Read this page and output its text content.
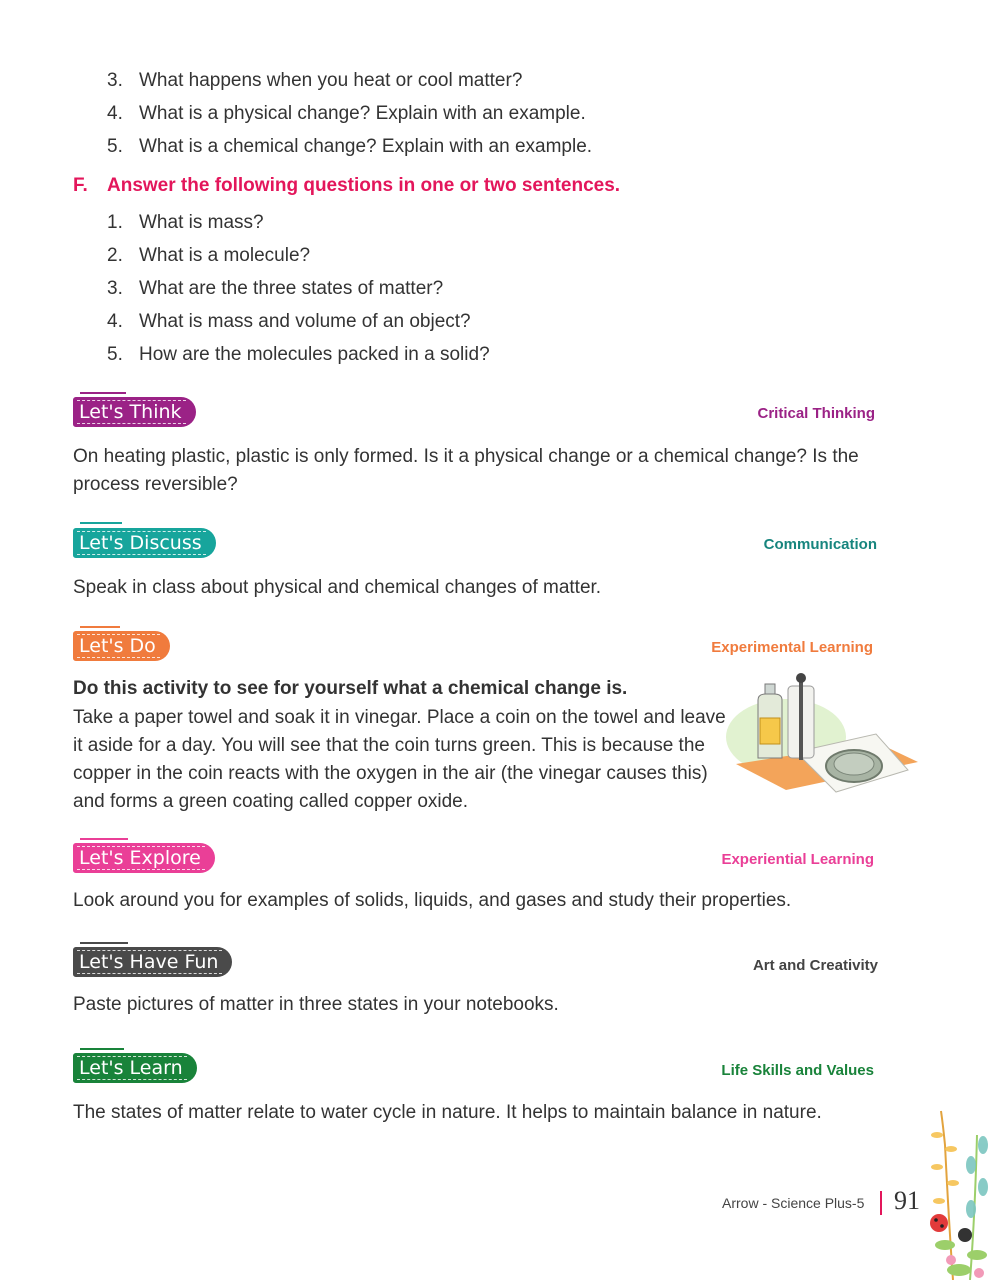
3. What happens when you heat or cool matter?
4. What is a physical change? Explain with an example.
5. What is a chemical change? Explain with an example.
F. Answer the following questions in one or two sentences.
1. What is mass?
2. What is a molecule?
3. What are the three states of matter?
4. What is mass and volume of an object?
5. How are the molecules packed in a solid?
Let's Think	Critical Thinking
On heating plastic, plastic is only formed. Is it a physical change or a chemical change? Is the process reversible?
Let's Discuss	Communication
Speak in class about physical and chemical changes of matter.
Let's Do	Experimental Learning
Do this activity to see for yourself what a chemical change is.
Take a paper towel and soak it in vinegar. Place a coin on the towel and leave it aside for a day. You will see that the coin turns green. This is because the copper in the coin reacts with the oxygen in the air (the vinegar causes this) and forms a green coating called copper oxide.
Let's Explore	Experiential Learning
Look around you for examples of solids, liquids, and gases and study their properties.
Let's Have Fun	Art and Creativity
Paste pictures of matter in three states in your notebooks.
Let's Learn	Life Skills and Values
The states of matter relate to water cycle in nature. It helps to maintain balance in nature.
Arrow - Science Plus-5 91
